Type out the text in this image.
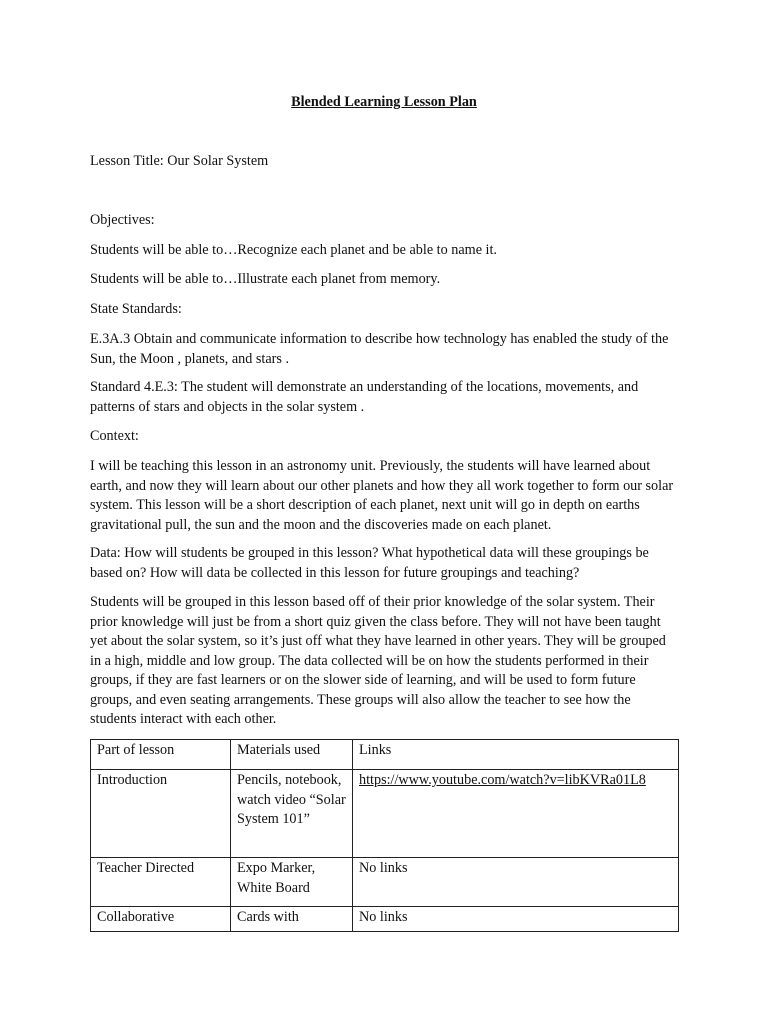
Blended Learning Lesson Plan

Lesson Title: Our Solar System

Objectives:

Students will be able to…Recognize each planet and be able to name it.

Students will be able to…Illustrate each planet from memory.

State Standards:

E.3A.3 Obtain and communicate information to describe how technology has enabled the study of the Sun, the Moon , planets, and stars .

Standard 4.E.3: The student will demonstrate an understanding of the locations, movements, and patterns of stars and objects in the solar system .

Context:

I will be teaching this lesson in an astronomy unit. Previously, the students will have learned about earth, and now they will learn about our other planets and how they all work together to form our solar system. This lesson will be a short description of each planet, next unit will go in depth on earths gravitational pull, the sun and the moon and the discoveries made on each planet.

Data: How will students be grouped in this lesson? What hypothetical data will these groupings be based on? How will data be collected in this lesson for future groupings and teaching?

Students will be grouped in this lesson based off of their prior knowledge of the solar system. Their prior knowledge will just be from a short quiz given the class before. They will not have been taught yet about the solar system, so it’s just off what they have learned in other years. They will be grouped in a high, middle and low group. The data collected will be on how the students performed in their groups, if they are fast learners or on the slower side of learning, and will be used to form future groups, and even seating arrangements. These groups will also allow the teacher to see how the students interact with each other.

Part of lesson	Materials used	Links
Introduction	Pencils, notebook, watch video “Solar System 101”	https://www.youtube.com/watch?v=libKVRa01L8
Teacher Directed	Expo Marker, White Board	No links
Collaborative	Cards with	No links
